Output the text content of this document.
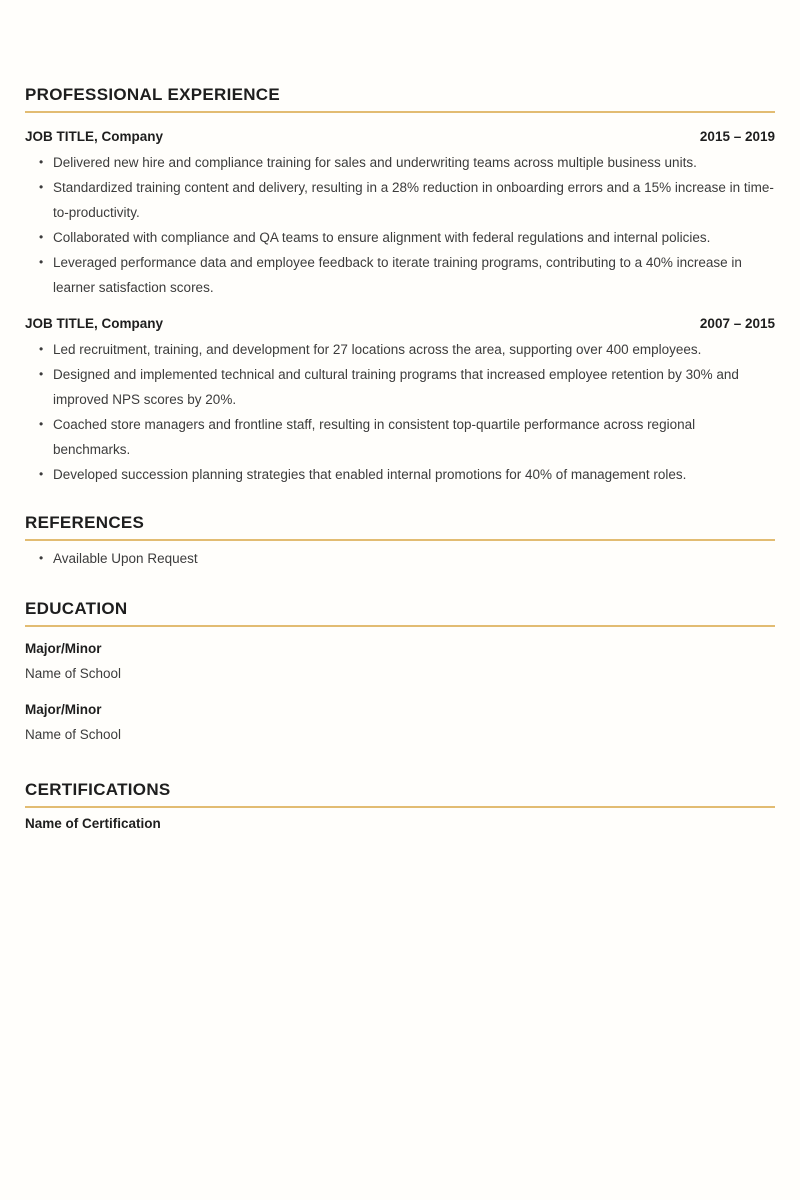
PROFESSIONAL EXPERIENCE
JOB TITLE, Company	2015 – 2019
• Delivered new hire and compliance training for sales and underwriting teams across multiple business units.
• Standardized training content and delivery, resulting in a 28% reduction in onboarding errors and a 15% increase in time-to-productivity.
• Collaborated with compliance and QA teams to ensure alignment with federal regulations and internal policies.
• Leveraged performance data and employee feedback to iterate training programs, contributing to a 40% increase in learner satisfaction scores.
JOB TITLE, Company	2007 – 2015
• Led recruitment, training, and development for 27 locations across the area, supporting over 400 employees.
• Designed and implemented technical and cultural training programs that increased employee retention by 30% and improved NPS scores by 20%.
• Coached store managers and frontline staff, resulting in consistent top-quartile performance across regional benchmarks.
• Developed succession planning strategies that enabled internal promotions for 40% of management roles.
REFERENCES
• Available Upon Request
EDUCATION
Major/Minor
Name of School
Major/Minor
Name of School
CERTIFICATIONS
Name of Certification
